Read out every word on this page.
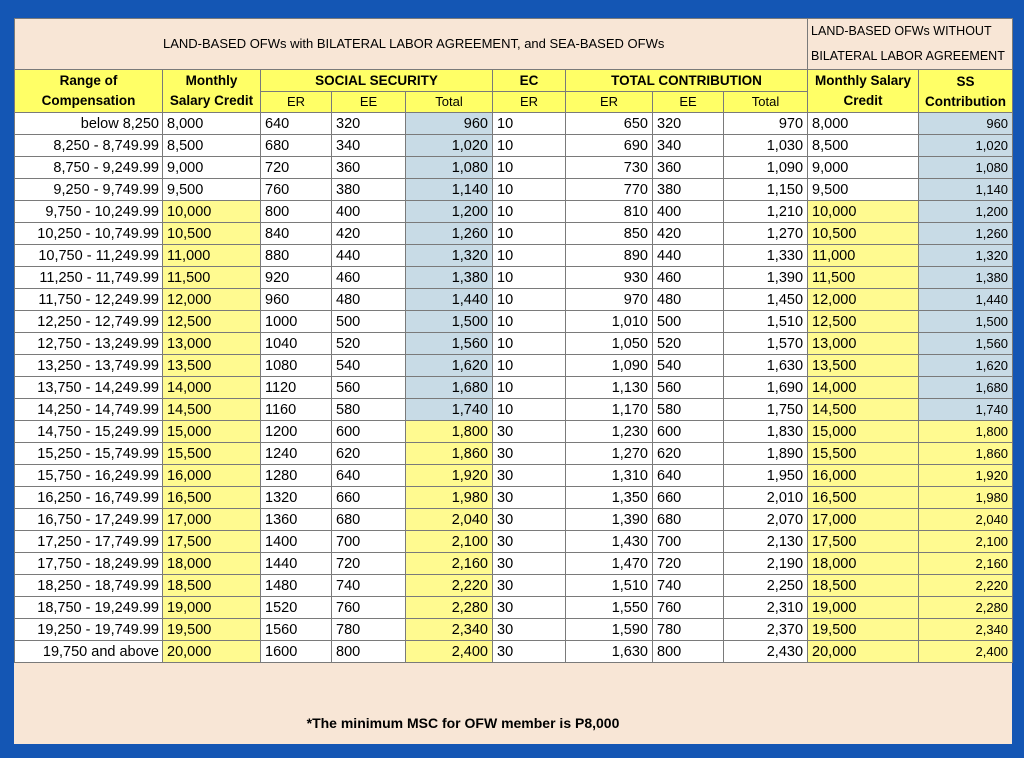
LAND-BASED OFWs with BILATERAL LABOR AGREEMENT, and SEA-BASED OFWs									LAND-BASED OFWs WITHOUT BILATERAL LABOR AGREEMENT	
Range of Compensation	Monthly Salary Credit	SOCIAL SECURITY			EC	TOTAL CONTRIBUTION			Monthly Salary Credit	SS Contribution
		ER	EE	Total	ER	ER	EE	Total		
below 8,250	8,000	640	320	960	10	650	320	970	8,000	960
8,250 - 8,749.99	8,500	680	340	1,020	10	690	340	1,030	8,500	1,020
8,750 - 9,249.99	9,000	720	360	1,080	10	730	360	1,090	9,000	1,080
9,250 - 9,749.99	9,500	760	380	1,140	10	770	380	1,150	9,500	1,140
9,750 - 10,249.99	10,000	800	400	1,200	10	810	400	1,210	10,000	1,200
10,250 - 10,749.99	10,500	840	420	1,260	10	850	420	1,270	10,500	1,260
10,750 - 11,249.99	11,000	880	440	1,320	10	890	440	1,330	11,000	1,320
11,250 - 11,749.99	11,500	920	460	1,380	10	930	460	1,390	11,500	1,380
11,750 - 12,249.99	12,000	960	480	1,440	10	970	480	1,450	12,000	1,440
12,250 - 12,749.99	12,500	1000	500	1,500	10	1,010	500	1,510	12,500	1,500
12,750 - 13,249.99	13,000	1040	520	1,560	10	1,050	520	1,570	13,000	1,560
13,250 - 13,749.99	13,500	1080	540	1,620	10	1,090	540	1,630	13,500	1,620
13,750 - 14,249.99	14,000	1120	560	1,680	10	1,130	560	1,690	14,000	1,680
14,250 - 14,749.99	14,500	1160	580	1,740	10	1,170	580	1,750	14,500	1,740
14,750 - 15,249.99	15,000	1200	600	1,800	30	1,230	600	1,830	15,000	1,800
15,250 - 15,749.99	15,500	1240	620	1,860	30	1,270	620	1,890	15,500	1,860
15,750 - 16,249.99	16,000	1280	640	1,920	30	1,310	640	1,950	16,000	1,920
16,250 - 16,749.99	16,500	1320	660	1,980	30	1,350	660	2,010	16,500	1,980
16,750 - 17,249.99	17,000	1360	680	2,040	30	1,390	680	2,070	17,000	2,040
17,250 - 17,749.99	17,500	1400	700	2,100	30	1,430	700	2,130	17,500	2,100
17,750 - 18,249.99	18,000	1440	720	2,160	30	1,470	720	2,190	18,000	2,160
18,250 - 18,749.99	18,500	1480	740	2,220	30	1,510	740	2,250	18,500	2,220
18,750 - 19,249.99	19,000	1520	760	2,280	30	1,550	760	2,310	19,000	2,280
19,250 - 19,749.99	19,500	1560	780	2,340	30	1,590	780	2,370	19,500	2,340
19,750 and above	20,000	1600	800	2,400	30	1,630	800	2,430	20,000	2,400
*The minimum MSC for OFW member is P8,000
